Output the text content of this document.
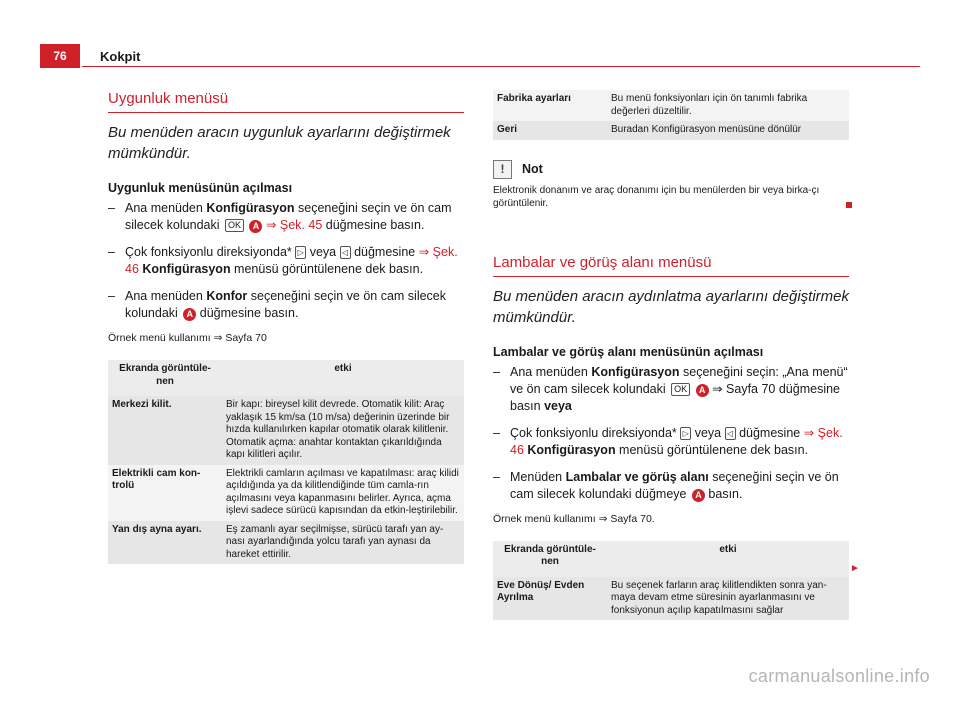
76	Kokpit
Uygunluk menüsü
Bu menüden aracın uygunluk ayarlarını değiştirmek mümkündür.
Uygunluk menüsünün açılması
– Ana menüden Konfigürasyon seçeneğini seçin ve ön cam silecek kolundaki OK A ⇒ Şek. 45 düğmesine basın.
– Çok fonksiyonlu direksiyonda* ▷ veya ◁ düğmesine ⇒ Şek. 46 Konfigürasyon menüsü görüntülenene dek basın.
– Ana menüden Konfor seçeneğini seçin ve ön cam silecek kolundaki A düğmesine basın.
Örnek menü kullanımı ⇒ Sayfa 70
Ekranda görüntüle-nen	etki
Merkezi kilit.	Bir kapı: bireysel kilit devrede. Otomatik kilit: Araç yaklaşık 15 km/sa (10 m/sa) değerinin üzerinde bir hızda kullanılırken kapılar otomatik olarak kilitlenir. Otomatik açma: anahtar kontaktan çıkarıldığında kapı kilitleri açılır.
Elektrikli cam kon-trolü	Elektrikli camların açılması ve kapatılması: araç kilidi açıldığında ya da kilitlendiğinde tüm camla-rın açılmasını veya kapanmasını belirler. Ayrıca, açma işlevi sadece sürücü kapısından da etkin-leştirilebilir.
Yan dış ayna ayarı.	Eş zamanlı ayar seçilmişse, sürücü tarafı yan ay-nası ayarlandığında yolcu tarafı yan aynası da hareket ettirilir.
Fabrika ayarları	Bu menü fonksiyonları için ön tanımlı fabrika değerleri düzeltilir.
Geri	Buradan Konfigürasyon menüsüne dönülür
!	Not
Elektronik donanım ve araç donanımı için bu menülerden bir veya birka-çı görüntülenir.
Lambalar ve görüş alanı menüsü
Bu menüden aracın aydınlatma ayarlarını değiştirmek mümkündür.
Lambalar ve görüş alanı menüsünün açılması
– Ana menüden Konfigürasyon seçeneğini seçin: „Ana menü“ ve ön cam silecek kolundaki OK A ⇒ Sayfa 70 düğmesine basın veya
– Çok fonksiyonlu direksiyonda* ▷ veya ◁ düğmesine ⇒ Şek. 46 Konfigürasyon menüsü görüntülenene dek basın.
– Menüden Lambalar ve görüş alanı seçeneğini seçin ve ön cam silecek kolundaki düğmeye A basın.
Örnek menü kullanımı ⇒ Sayfa 70.
Ekranda görüntüle-nen	etki
Eve Dönüş/ Evden Ayrılma	Bu seçenek farların araç kilitlendikten sonra yan-maya devam etme süresinin ayarlanmasını ve fonksiyonun açılıp kapatılmasını sağlar
►
carmanualsonline.info
